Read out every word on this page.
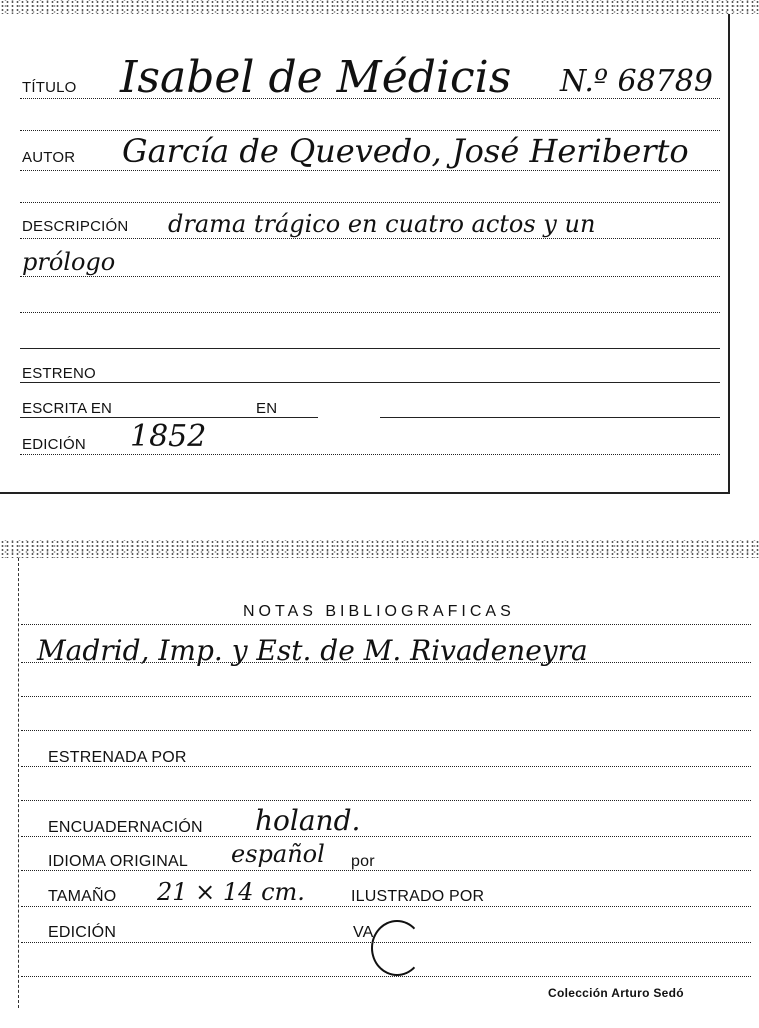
TÍTULO Isabel de Médicis N.º 68789
AUTOR García de Quevedo, José Heriberto
DESCRIPCIÓN drama trágico en cuatro actos y un
prólogo
ESTRENO
ESCRITA EN	EN
EDICIÓN 1852
NOTAS BIBLIOGRAFICAS
Madrid, Imp. y Est. de M. Rivadeneyra
ESTRENADA POR
ENCUADERNACIÓN holand.
IDIOMA ORIGINAL español por
TAMAÑO 21 × 14 cm.	ILUSTRADO POR
EDICIÓN	VA
Colección Arturo Sedó
